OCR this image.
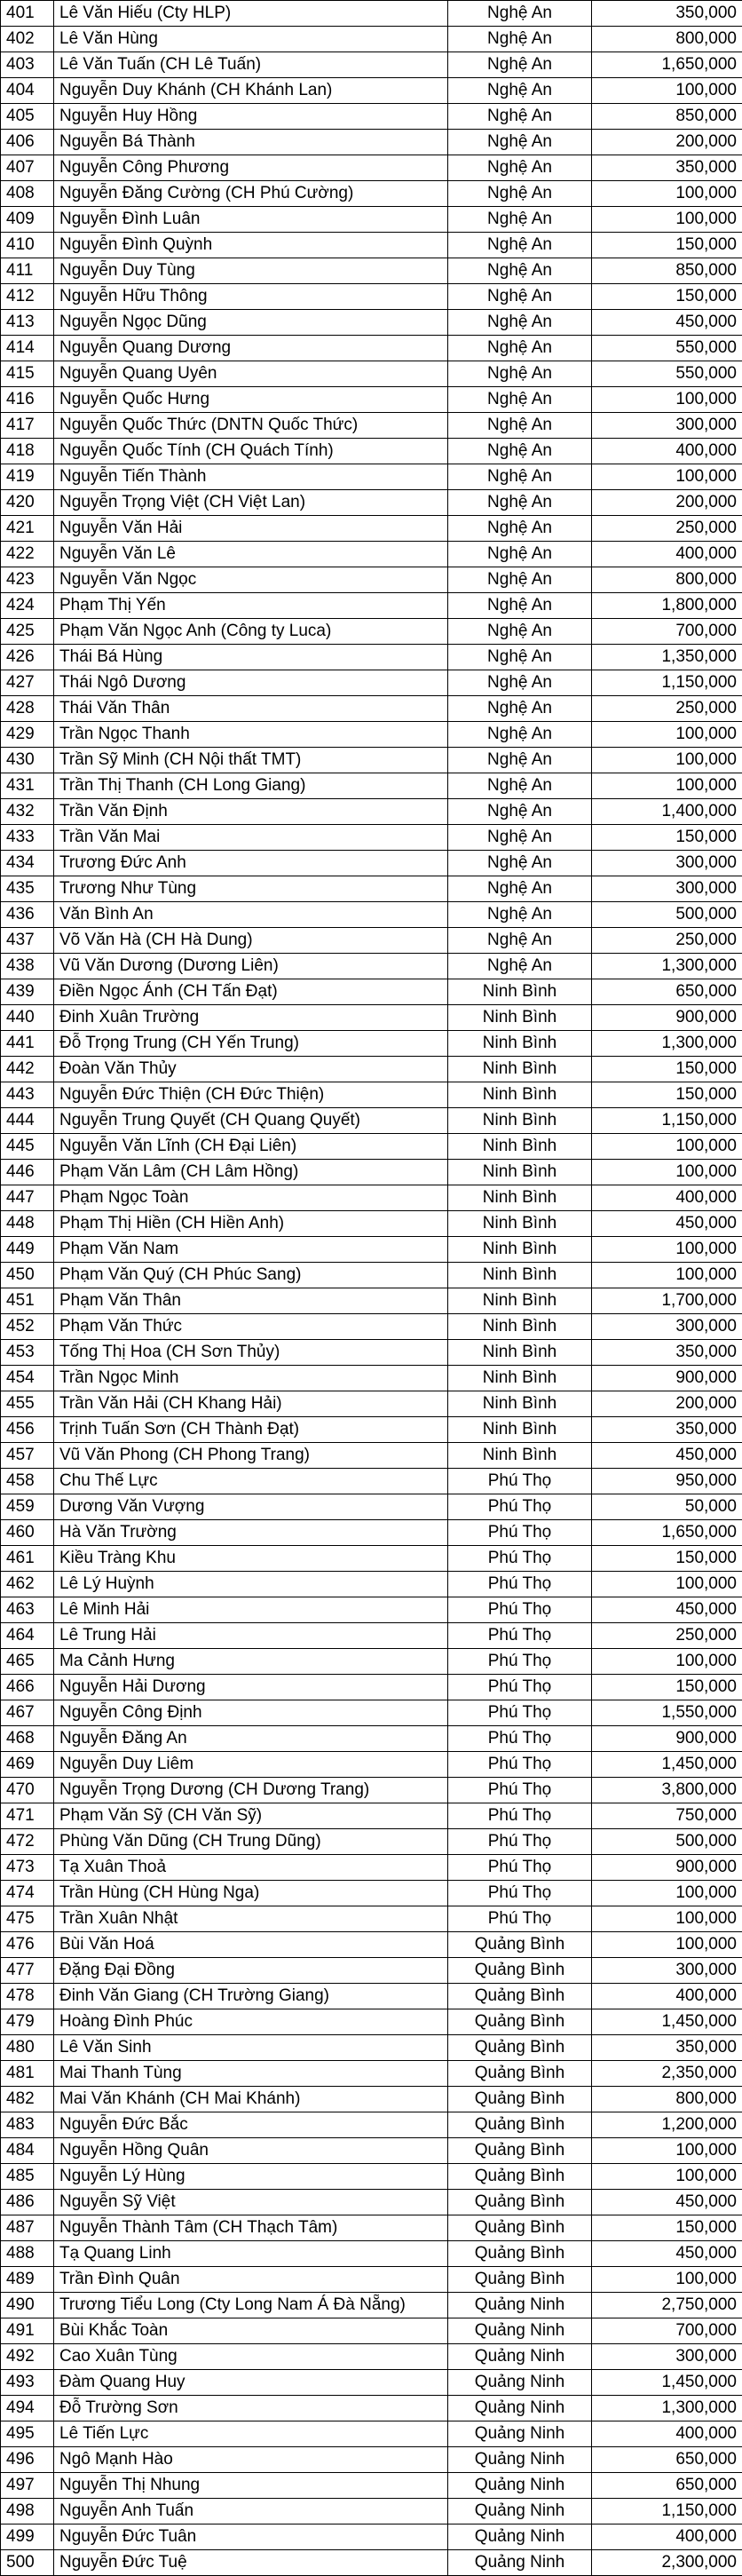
401	Lê Văn Hiếu (Cty HLP)	Nghệ An	350,000
402	Lê Văn Hùng	Nghệ An	800,000
403	Lê Văn Tuấn (CH Lê Tuấn)	Nghệ An	1,650,000
404	Nguyễn Duy Khánh (CH Khánh Lan)	Nghệ An	100,000
405	Nguyễn Huy Hồng	Nghệ An	850,000
406	Nguyễn Bá Thành	Nghệ An	200,000
407	Nguyễn Công Phương	Nghệ An	350,000
408	Nguyễn Đăng Cường (CH Phú Cường)	Nghệ An	100,000
409	Nguyễn Đình Luân	Nghệ An	100,000
410	Nguyễn Đình Quỳnh	Nghệ An	150,000
411	Nguyễn Duy Tùng	Nghệ An	850,000
412	Nguyễn Hữu Thông	Nghệ An	150,000
413	Nguyễn Ngọc Dũng	Nghệ An	450,000
414	Nguyễn Quang Dương	Nghệ An	550,000
415	Nguyễn Quang Uyên	Nghệ An	550,000
416	Nguyễn Quốc Hưng	Nghệ An	100,000
417	Nguyễn Quốc Thức (DNTN Quốc Thức)	Nghệ An	300,000
418	Nguyễn Quốc Tính (CH Quách Tính)	Nghệ An	400,000
419	Nguyễn Tiến Thành	Nghệ An	100,000
420	Nguyễn Trọng Việt (CH Việt Lan)	Nghệ An	200,000
421	Nguyễn Văn Hải	Nghệ An	250,000
422	Nguyễn Văn Lê	Nghệ An	400,000
423	Nguyễn Văn Ngọc	Nghệ An	800,000
424	Phạm Thị Yến	Nghệ An	1,800,000
425	Phạm Văn Ngọc Anh (Công ty Luca)	Nghệ An	700,000
426	Thái Bá Hùng	Nghệ An	1,350,000
427	Thái Ngô Dương	Nghệ An	1,150,000
428	Thái Văn Thân	Nghệ An	250,000
429	Trần Ngọc Thanh	Nghệ An	100,000
430	Trần Sỹ Minh (CH Nội thất TMT)	Nghệ An	100,000
431	Trần Thị Thanh (CH Long Giang)	Nghệ An	100,000
432	Trần Văn Định	Nghệ An	1,400,000
433	Trần Văn Mai	Nghệ An	150,000
434	Trương Đức Anh	Nghệ An	300,000
435	Trương Như Tùng	Nghệ An	300,000
436	Văn Bình An	Nghệ An	500,000
437	Võ Văn Hà (CH Hà Dung)	Nghệ An	250,000
438	Vũ Văn Dương (Dương Liên)	Nghệ An	1,300,000
439	Điền Ngọc Ánh (CH Tấn Đạt)	Ninh Bình	650,000
440	Đinh Xuân Trường	Ninh Bình	900,000
441	Đỗ Trọng Trung (CH Yến Trung)	Ninh Bình	1,300,000
442	Đoàn Văn Thủy	Ninh Bình	150,000
443	Nguyễn Đức Thiện (CH Đức Thiện)	Ninh Bình	150,000
444	Nguyễn Trung Quyết (CH Quang Quyết)	Ninh Bình	1,150,000
445	Nguyễn Văn Lĩnh (CH Đại Liên)	Ninh Bình	100,000
446	Phạm Văn Lâm (CH Lâm Hồng)	Ninh Bình	100,000
447	Phạm Ngọc Toàn	Ninh Bình	400,000
448	Phạm Thị Hiền (CH Hiền Anh)	Ninh Bình	450,000
449	Phạm Văn Nam	Ninh Bình	100,000
450	Phạm Văn Quý (CH Phúc Sang)	Ninh Bình	100,000
451	Phạm Văn Thân	Ninh Bình	1,700,000
452	Phạm Văn Thức	Ninh Bình	300,000
453	Tống Thị Hoa (CH Sơn Thủy)	Ninh Bình	350,000
454	Trần Ngọc Minh	Ninh Bình	900,000
455	Trần Văn Hải (CH Khang Hải)	Ninh Bình	200,000
456	Trịnh Tuấn Sơn (CH Thành Đạt)	Ninh Bình	350,000
457	Vũ Văn Phong (CH Phong Trang)	Ninh Bình	450,000
458	Chu Thế Lực	Phú Thọ	950,000
459	Dương Văn Vượng	Phú Thọ	50,000
460	Hà Văn Trường	Phú Thọ	1,650,000
461	Kiều Tràng Khu	Phú Thọ	150,000
462	Lê Lý Huỳnh	Phú Thọ	100,000
463	Lê Minh Hải	Phú Thọ	450,000
464	Lê Trung Hải	Phú Thọ	250,000
465	Ma Cảnh Hưng	Phú Thọ	100,000
466	Nguyễn Hải Dương	Phú Thọ	150,000
467	Nguyễn Công Định	Phú Thọ	1,550,000
468	Nguyễn Đăng An	Phú Thọ	900,000
469	Nguyễn Duy Liêm	Phú Thọ	1,450,000
470	Nguyễn Trọng Dương (CH Dương Trang)	Phú Thọ	3,800,000
471	Phạm Văn Sỹ (CH Văn Sỹ)	Phú Thọ	750,000
472	Phùng Văn Dũng (CH Trung Dũng)	Phú Thọ	500,000
473	Tạ Xuân Thoả	Phú Thọ	900,000
474	Trần Hùng (CH Hùng Nga)	Phú Thọ	100,000
475	Trần Xuân Nhật	Phú Thọ	100,000
476	Bùi Văn Hoá	Quảng Bình	100,000
477	Đặng Đại Đồng	Quảng Bình	300,000
478	Đinh Văn Giang (CH Trường Giang)	Quảng Bình	400,000
479	Hoàng Đình Phúc	Quảng Bình	1,450,000
480	Lê Văn Sinh	Quảng Bình	350,000
481	Mai Thanh Tùng	Quảng Bình	2,350,000
482	Mai Văn Khánh (CH Mai Khánh)	Quảng Bình	800,000
483	Nguyễn Đức Bắc	Quảng Bình	1,200,000
484	Nguyễn Hồng Quân	Quảng Bình	100,000
485	Nguyễn Lý Hùng	Quảng Bình	100,000
486	Nguyễn Sỹ Việt	Quảng Bình	450,000
487	Nguyễn Thành Tâm (CH Thạch Tâm)	Quảng Bình	150,000
488	Tạ Quang Linh	Quảng Bình	450,000
489	Trần Đình Quân	Quảng Bình	100,000
490	Trương Tiểu Long (Cty Long Nam Á Đà Nẵng)	Quảng Ninh	2,750,000
491	Bùi Khắc Toàn	Quảng Ninh	700,000
492	Cao Xuân Tùng	Quảng Ninh	300,000
493	Đàm Quang Huy	Quảng Ninh	1,450,000
494	Đỗ Trường Sơn	Quảng Ninh	1,300,000
495	Lê Tiến Lực	Quảng Ninh	400,000
496	Ngô Mạnh Hào	Quảng Ninh	650,000
497	Nguyễn Thị Nhung	Quảng Ninh	650,000
498	Nguyễn Anh Tuấn	Quảng Ninh	1,150,000
499	Nguyễn Đức Tuân	Quảng Ninh	400,000
500	Nguyễn Đức Tuệ	Quảng Ninh	2,300,000
